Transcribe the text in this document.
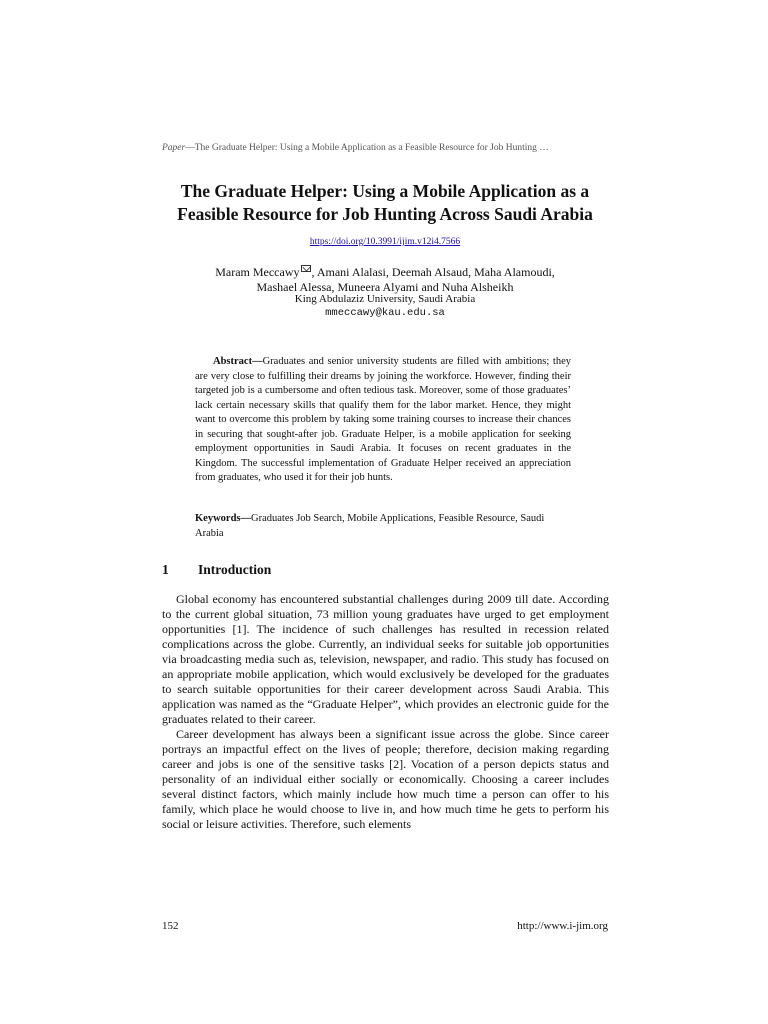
Paper—The Graduate Helper: Using a Mobile Application as a Feasible Resource for Job Hunting …
The Graduate Helper: Using a Mobile Application as a
Feasible Resource for Job Hunting Across Saudi Arabia
https://doi.org/10.3991/ijim.v12i4.7566
Maram Meccawy , Amani Alalasi, Deemah Alsaud, Maha Alamoudi,
Mashael Alessa, Muneera Alyami and Nuha Alsheikh
King Abdulaziz University, Saudi Arabia
mmeccawy@kau.edu.sa

Abstract—Graduates and senior university students are filled with ambitions; they are very close to fulfilling their dreams by joining the workforce. However, finding their targeted job is a cumbersome and often tedious task. Moreover, some of those graduates’ lack certain necessary skills that qualify them for the labor market. Hence, they might want to overcome this problem by taking some training courses to increase their chances in securing that sought-after job. Graduate Helper, is a mobile application for seeking employment opportunities in Saudi Arabia. It focuses on recent graduates in the Kingdom. The successful implementation of Graduate Helper received an appreciation from graduates, who used it for their job hunts.

Keywords—Graduates Job Search, Mobile Applications, Feasible Resource, Saudi Arabia
1 Introduction

Global economy has encountered substantial challenges during 2009 till date. According to the current global situation, 73 million young graduates have urged to get employment opportunities [1]. The incidence of such challenges has resulted in recession related complications across the globe. Currently, an individual seeks for suitable job opportunities via broadcasting media such as, television, newspaper, and radio. This study has focused on an appropriate mobile application, which would exclusively be developed for the graduates to search suitable opportunities for their career development across Saudi Arabia. This application was named as the “Graduate Helper”, which provides an electronic guide for the graduates related to their career.

Career development has always been a significant issue across the globe. Since career portrays an impactful effect on the lives of people; therefore, decision making regarding career and jobs is one of the sensitive tasks [2]. Vocation of a person depicts status and personality of an individual either socially or economically. Choosing a career includes several distinct factors, which mainly include how much time a person can offer to his family, which place he would choose to live in, and how much time he gets to perform his social or leisure activities. Therefore, such elements

152	http://www.i-jim.org
